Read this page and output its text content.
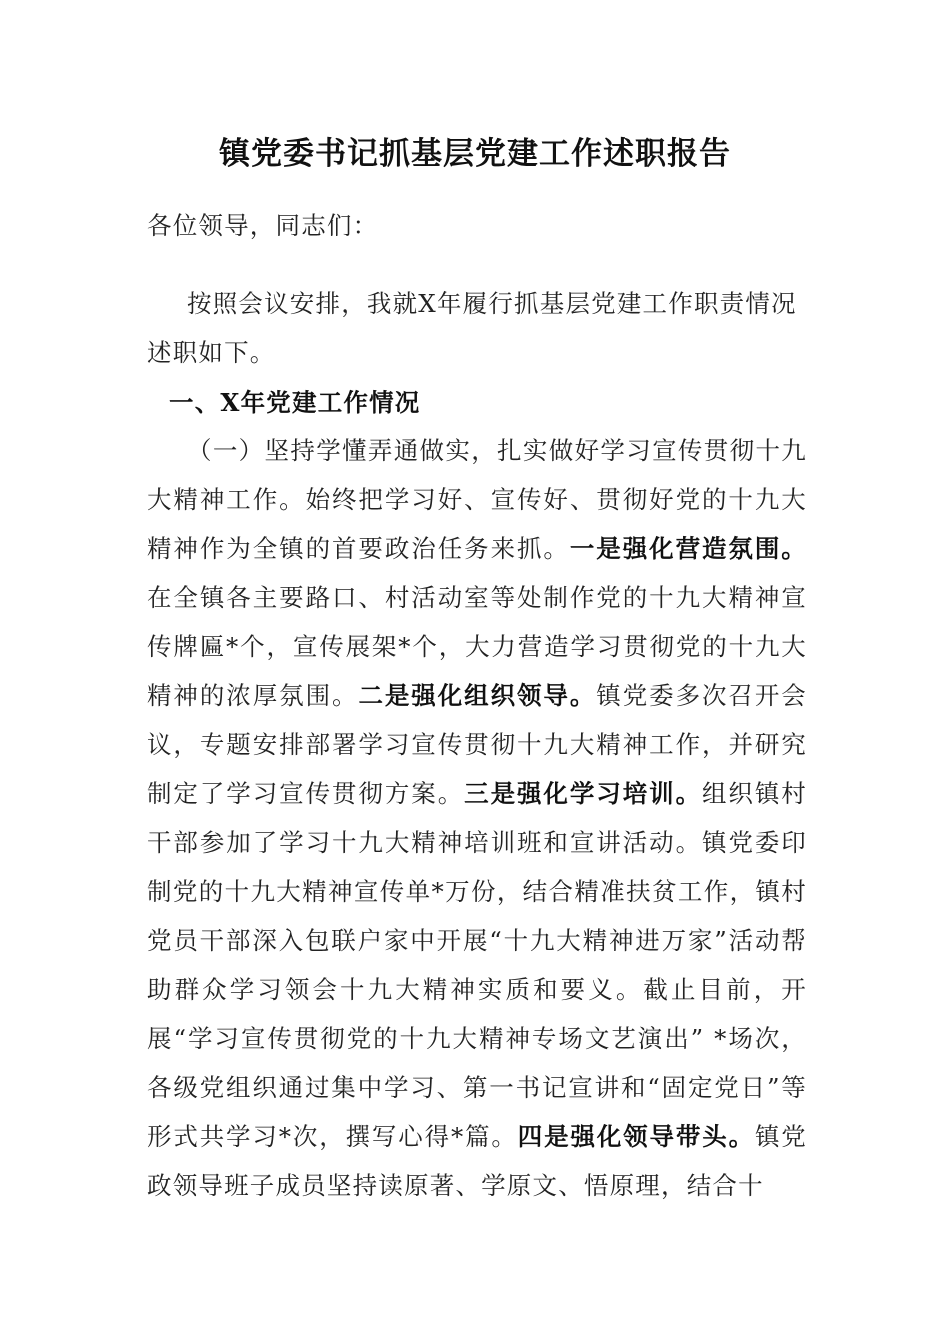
镇党委书记抓基层党建工作述职报告
各位领导，同志们：
按照会议安排，我就X年履行抓基层党建工作职责情况述职如下。
一、X年党建工作情况
（一）坚持学懂弄通做实，扎实做好学习宣传贯彻十九大精神工作。始终把学习好、宣传好、贯彻好党的十九大精神作为全镇的首要政治任务来抓。一是强化营造氛围。在全镇各主要路口、村活动室等处制作党的十九大精神宣传牌匾*个，宣传展架*个，大力营造学习贯彻党的十九大精神的浓厚氛围。二是强化组织领导。镇党委多次召开会议，专题安排部署学习宣传贯彻十九大精神工作，并研究制定了学习宣传贯彻方案。三是强化学习培训。组织镇村干部参加了学习十九大精神培训班和宣讲活动。镇党委印制党的十九大精神宣传单*万份，结合精准扶贫工作，镇村党员干部深入包联户家中开展“十九大精神进万家”活动帮助群众学习领会十九大精神实质和要义。截止目前，开展“学习宣传贯彻党的十九大精神专场文艺演出” *场次，各级党组织通过集中学习、第一书记宣讲和“固定党日”等形式共学习*次，撰写心得*篇。四是强化领导带头。镇党政领导班子成员坚持读原著、学原文、悟原理，结合十
